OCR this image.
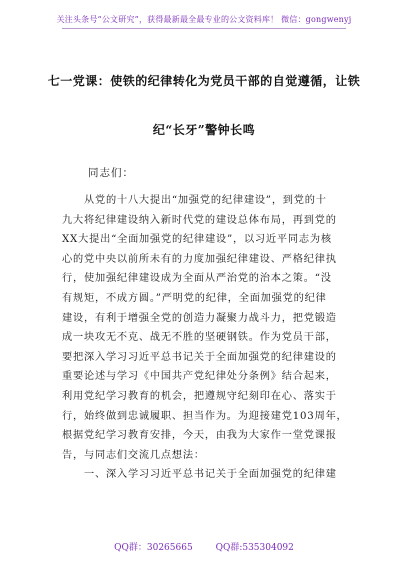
关注头条号“公文研究”，获得最新最全最专业的公文资料库！ 微信：gongwenyj
七一党课：使铁的纪律转化为党员干部的自觉遵循，让铁
纪“长牙”警钟长鸣
同志们：
从党的十八大提出“加强党的纪律建设”，到党的十
九大将纪律建设纳入新时代党的建设总体布局，再到党的
XX大提出“全面加强党的纪律建设”，以习近平同志为核
心的党中央以前所未有的力度加强纪律建设、严格纪律执
行，使加强纪律建设成为全面从严治党的治本之策。“没
有规矩，不成方圆。”严明党的纪律，全面加强党的纪律
建设，有利于增强全党的创造力凝聚力战斗力，把党锻造
成一块攻无不克、战无不胜的坚硬钢铁。作为党员干部，
要把深入学习习近平总书记关于全面加强党的纪律建设的
重要论述与学习《中国共产党纪律处分条例》结合起来，
利用党纪学习教育的机会，把遵规守纪刻印在心、落实于
行，始终做到忠诚履职、担当作为。为迎接建党103周年，
根据党纪学习教育安排，今天，由我为大家作一堂党课报
告，与同志们交流几点想法：
一、深入学习习近平总书记关于全面加强党的纪律建
QQ群：30265665	QQ群:535304092
